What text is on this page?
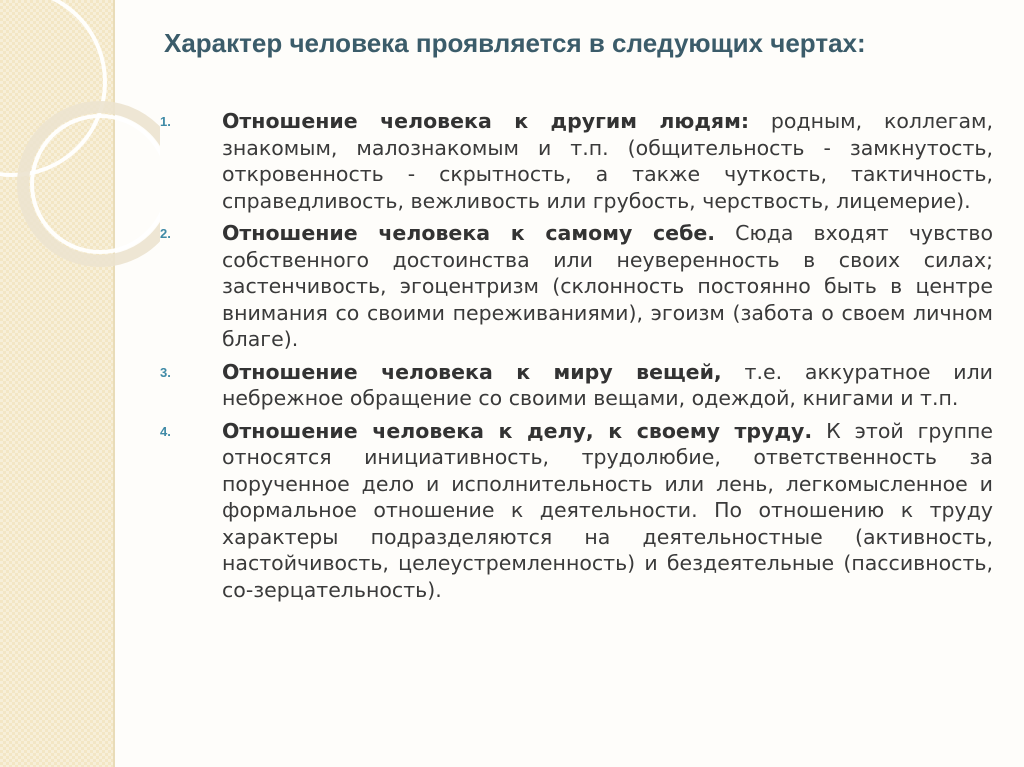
Характер человека проявляется в следующих чертах:
1.	Отношение человека к другим людям: родным, коллегам, знакомым, малознакомым и т.п. (общительность - замкнутость, откровенность - скрытность, а также чуткость, тактичность, справедливость, вежливость или грубость, черствость, лицемерие).
2.	Отношение человека к самому себе. Сюда входят чувство собственного достоинства или неуверенность в своих силах; застенчивость, эгоцентризм (склонность постоянно быть в центре внимания со своими переживаниями), эгоизм (забота о своем личном благе).
3.	Отношение человека к миру вещей, т.е. аккуратное или небрежное обращение со своими вещами, одеждой, книгами и т.п.
4.	Отношение человека к делу, к своему труду. К этой группе относятся инициативность, трудолюбие, ответственность за порученное дело и исполнительность или лень, легкомысленное и формальное отношение к деятельности. По отношению к труду характеры подразделяются на деятельностные (активность, настойчивость, целеустремленность) и бездеятельные (пассивность, со-зерцательность).
